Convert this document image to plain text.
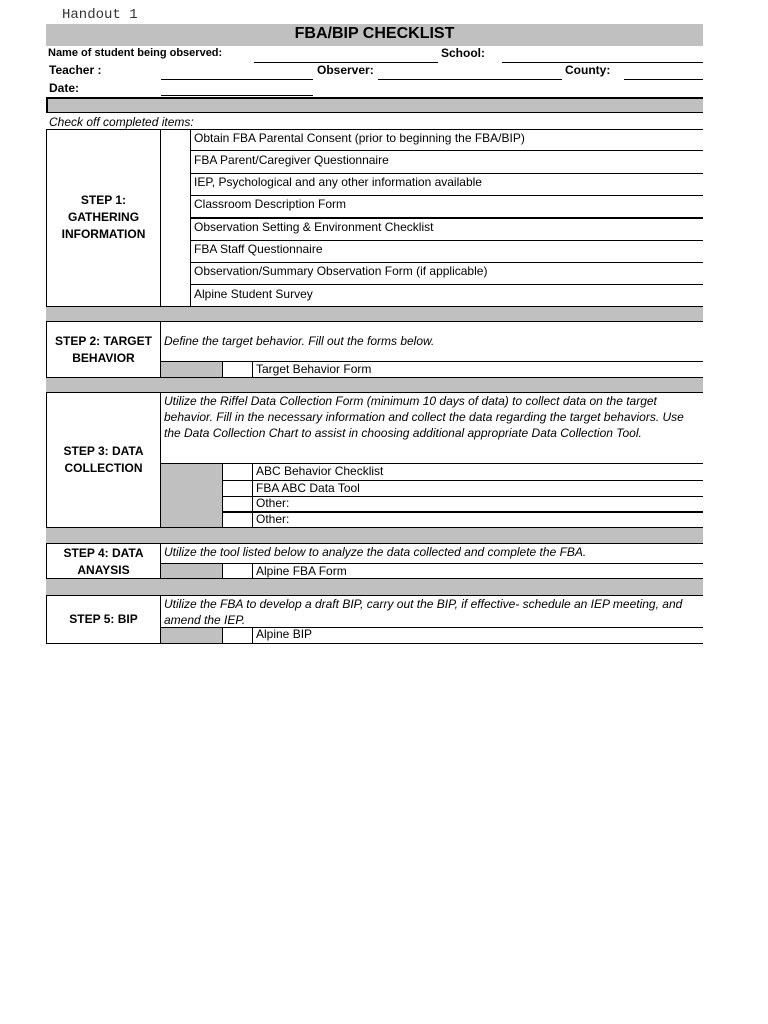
Handout 1
FBA/BIP CHECKLIST
Name of student being observed:	School:
Teacher :	Observer:	County:
Date:
Check off completed items:
STEP 1: GATHERING INFORMATION
Obtain FBA Parental Consent (prior to beginning the FBA/BIP)
FBA Parent/Caregiver Questionnaire
IEP, Psychological and any other information available
Classroom Description Form
Observation Setting & Environment Checklist
FBA Staff Questionnaire
Observation/Summary Observation Form (if applicable)
Alpine Student Survey
STEP 2: TARGET BEHAVIOR
Define the target behavior. Fill out the forms below.
Target Behavior Form
STEP 3: DATA COLLECTION
Utilize the Riffel Data Collection Form (minimum 10 days of data) to collect data on the target behavior. Fill in the necessary information and collect the data regarding the target behaviors. Use the Data Collection Chart to assist in choosing additional appropriate Data Collection Tool.
ABC Behavior Checklist
FBA ABC Data Tool
Other:
Other:
STEP 4: DATA ANAYSIS
Utilize the tool listed below to analyze the data collected and complete the FBA.
Alpine FBA Form
STEP 5: BIP
Utilize the FBA to develop a draft BIP, carry out the BIP, if effective- schedule an IEP meeting, and amend the IEP.
Alpine BIP
